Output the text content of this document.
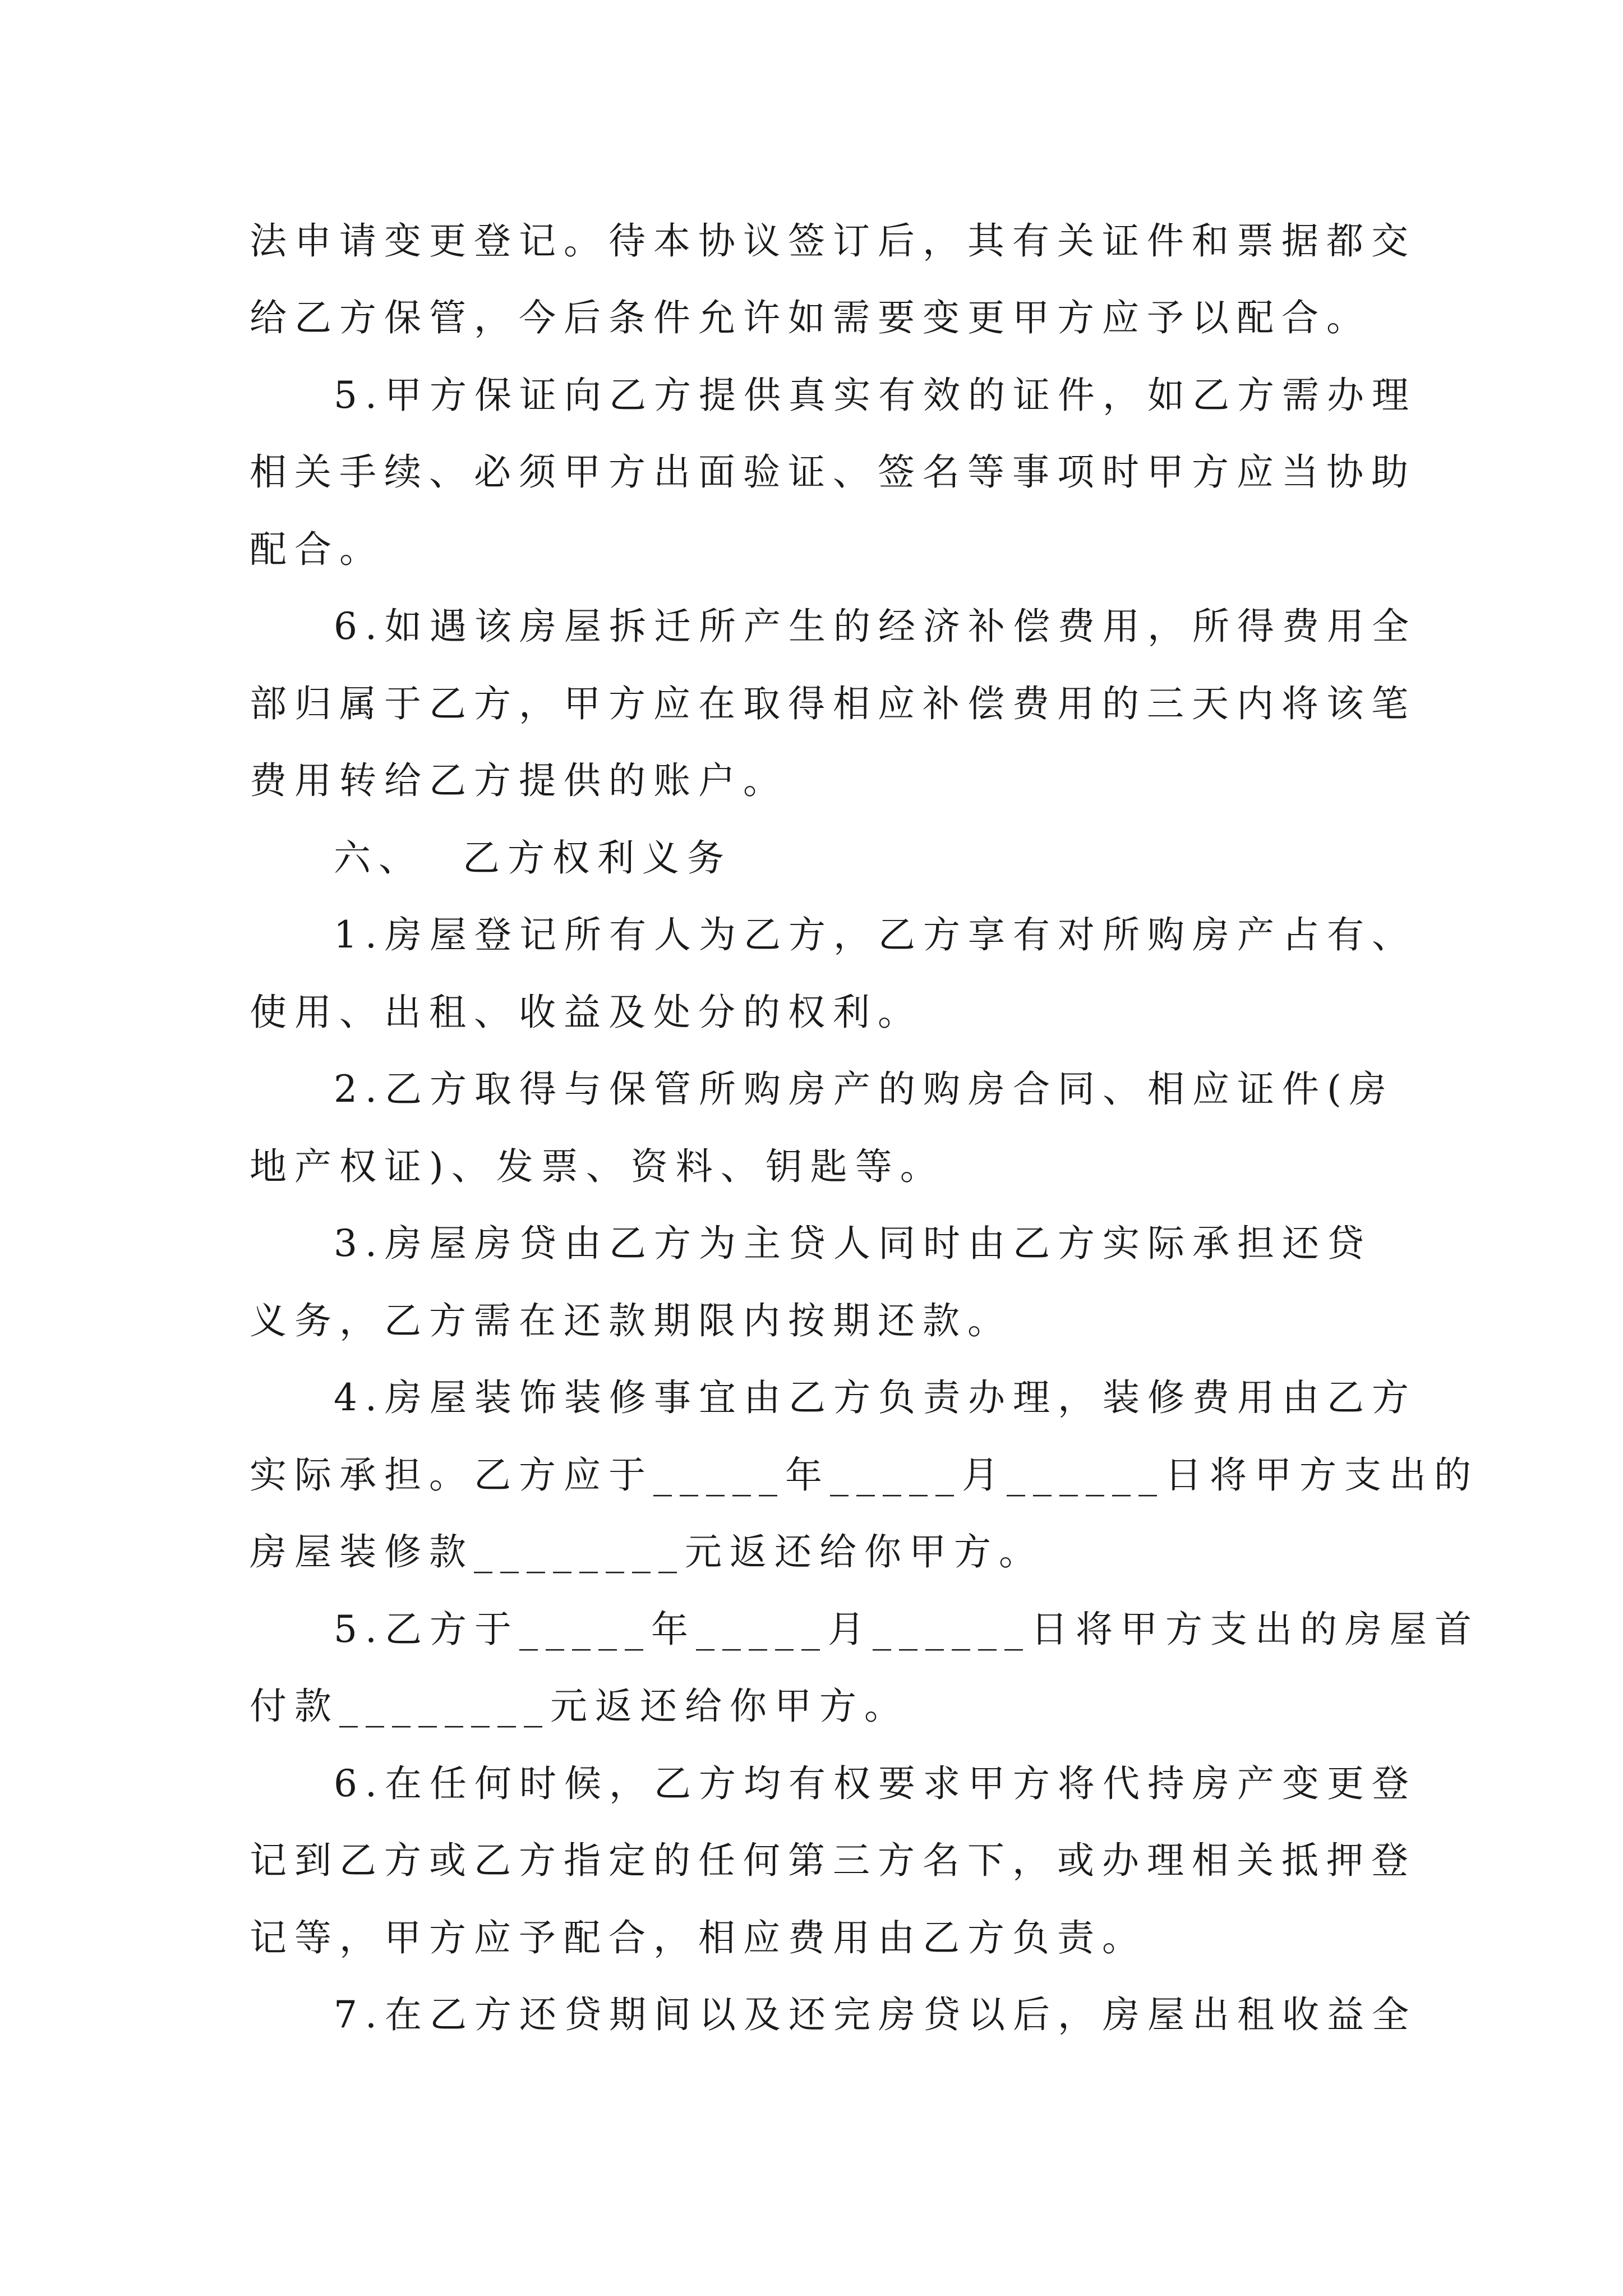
法申请变更登记。待本协议签订后，其有关证件和票据都交
给乙方保管，今后条件允许如需要变更甲方应予以配合。
5.甲方保证向乙方提供真实有效的证件，如乙方需办理
相关手续、必须甲方出面验证、签名等事项时甲方应当协助
配合。
6.如遇该房屋拆迁所产生的经济补偿费用，所得费用全
部归属于乙方，甲方应在取得相应补偿费用的三天内将该笔
费用转给乙方提供的账户。
六、  乙方权利义务
1.房屋登记所有人为乙方，乙方享有对所购房产占有、
使用、出租、收益及处分的权利。
2.乙方取得与保管所购房产的购房合同、相应证件(房
地产权证)、发票、资料、钥匙等。
3.房屋房贷由乙方为主贷人同时由乙方实际承担还贷
义务，乙方需在还款期限内按期还款。
4.房屋装饰装修事宜由乙方负责办理，装修费用由乙方
实际承担。乙方应于_____年_____月______日将甲方支出的
房屋装修款________元返还给你甲方。
5.乙方于_____年_____月______日将甲方支出的房屋首
付款________元返还给你甲方。
6.在任何时候，乙方均有权要求甲方将代持房产变更登
记到乙方或乙方指定的任何第三方名下，或办理相关抵押登
记等，甲方应予配合，相应费用由乙方负责。
7.在乙方还贷期间以及还完房贷以后，房屋出租收益全
